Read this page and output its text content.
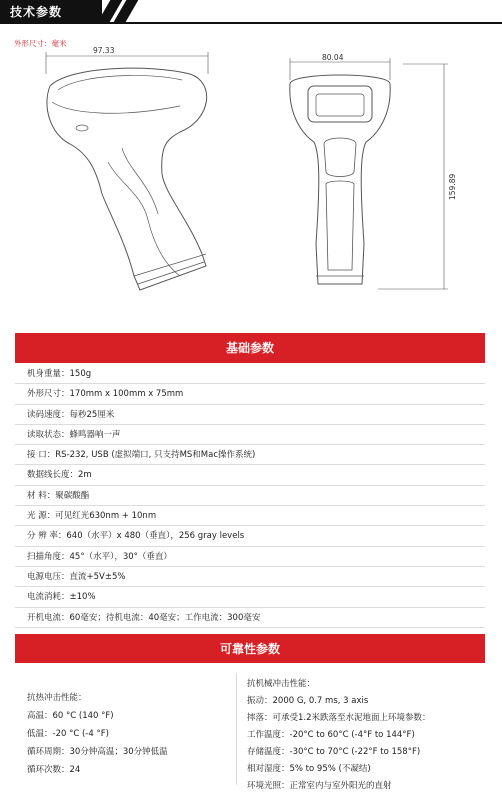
技术参数
外形尺寸：毫米
97.33
80.04
159.89
基础参数
机身重量：150g
外形尺寸：170mm x 100mm x 75mm
读码速度：每秒25厘米
读取状态：蜂鸣器响一声
接 口：RS-232, USB (虚拟端口, 只支持MS和Mac操作系统)
数据线长度：2m
材 料：聚碳酸酯
光 源：可见红光630nm + 10nm
分 辨 率：640（水平）x 480（垂直），256 gray levels
扫描角度：45°（水平），30°（垂直）
电源电压：直流+5V±5%
电流消耗：±10%
开机电流：60毫安；待机电流：40毫安；工作电流：300毫安
可靠性参数
抗热冲击性能：
高温：60 °C (140 °F)
低温：-20 °C (-4 °F)
循环周期：30分钟高温；30分钟低温
循环次数：24
抗机械冲击性能：
振动：2000 G, 0.7 ms, 3 axis
摔落：可承受1.2米跌落至水泥地面上环境参数：
工作温度：-20°C to 60°C (-4°F to 144°F)
存储温度：-30°C to 70°C (-22°F to 158°F)
相对湿度：5% to 95% (不凝结)
环境光照：正常室内与室外阳光的直射
